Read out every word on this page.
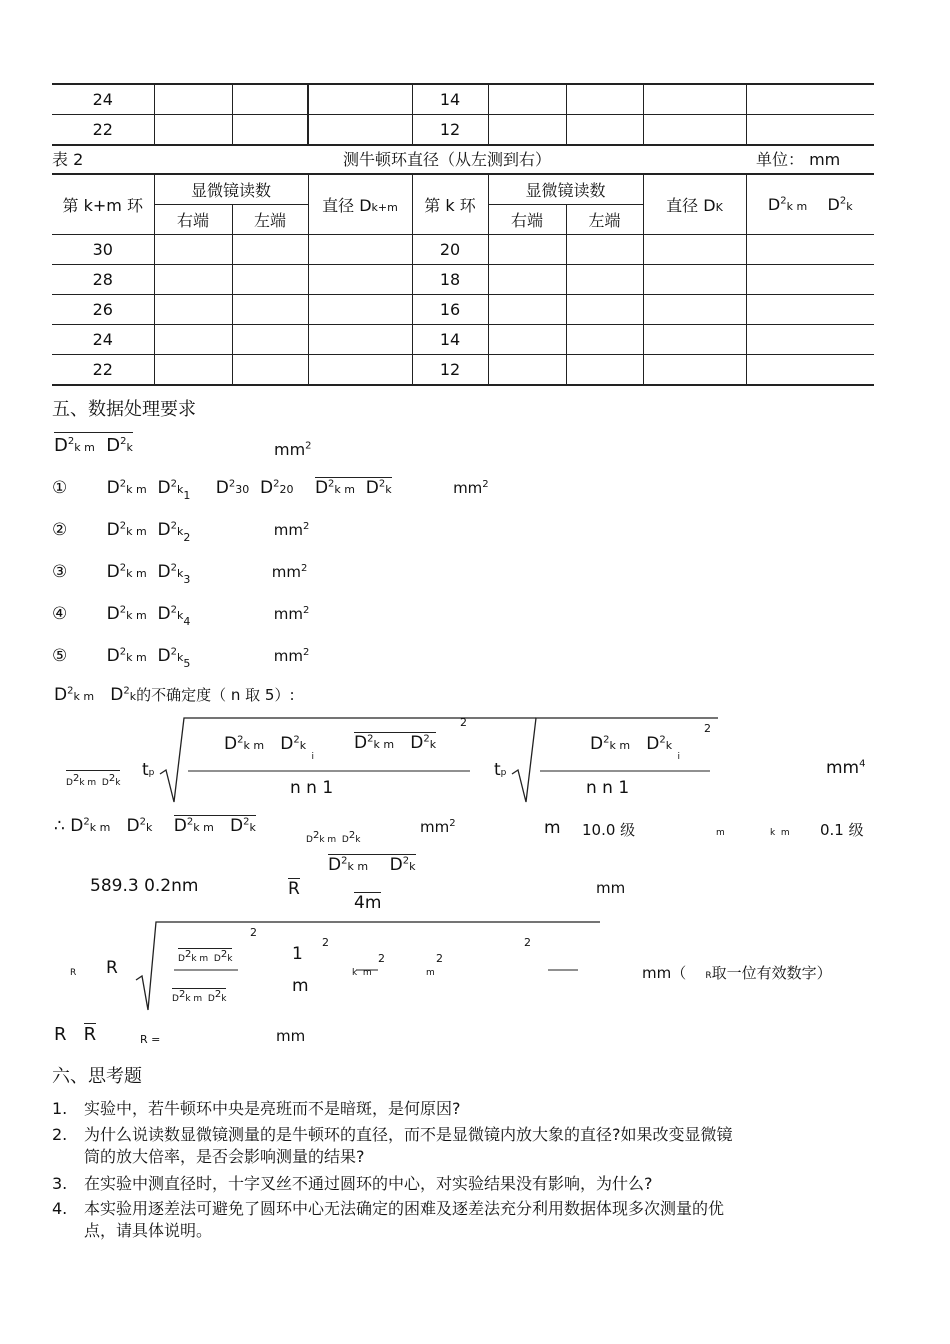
24				14				
22				12				
表 2	测牛顿环直径（从左测到右）	单位： mm
第 k+m 环	显微镜读数		直径 Dk+m	第 k 环	显微镜读数		直径 DK	$D^2k$ m    $D^2k$
	右端	左端			右端	左端		
30				20				
28				18				
26				16				
24				14				
22				12				
五、数据处理要求
$D^2k$ m  $D^2k$	$mm^2$
① $D^2k$ m  $D^2k_1$ $D^230$  $D^220$ $D^2k$ m  $D^2k$	$mm^2$
② $D^2k$ m  $D^2k_2$	$mm^2$
③ $D^2k$ m  $D^2k_3$	$mm^2$
④ $D^2k$ m  $D^2k_4$	$mm^2$
⑤ $D^2k$ m  $D^2k_5$	$mm^2$
$D^2k$ m   $D^2k$的不确定度（ n 取 5）:
$D^2k$ m  $D^2k$
tp
$D^2k$ m   $D^2k$ $_i$
$D^2k$ m   $D^2k$
2
n n 1
tp
$D^2k$ m   $D^2k$ $_i$
2
n n 1
$mm^4$
∴ $D^2k$ m   $D^2k$ $D^2k$ m   $D^2k$
$D^2k$ m  $D^2k$
$mm^2$	m 10.0 级	m	k  m 0.1 级
589.3 0.2nm	R
$D^2k$ m    $D^2k$
4m
mm
R R	$D^2k$ m  $D^2k$
$D^2k$ m  $D^2k$
2
1
m
2
k  m
2
m
2
2
mm（ R取一位有效数字）
R   R	R =	mm
六、思考题
1. 实验中，若牛顿环中央是亮班而不是暗斑，是何原因?
2. 为什么说读数显微镜测量的是牛顿环的直径，而不是显微镜内放大象的直径?如果改变显微镜
筒的放大倍率，是否会影响测量的结果?
3. 在实验中测直径时，十字叉丝不通过圆环的中心，对实验结果没有影响，为什么?
4. 本实验用逐差法可避免了圆环中心无法确定的困难及逐差法充分利用数据体现多次测量的优
点，请具体说明。
